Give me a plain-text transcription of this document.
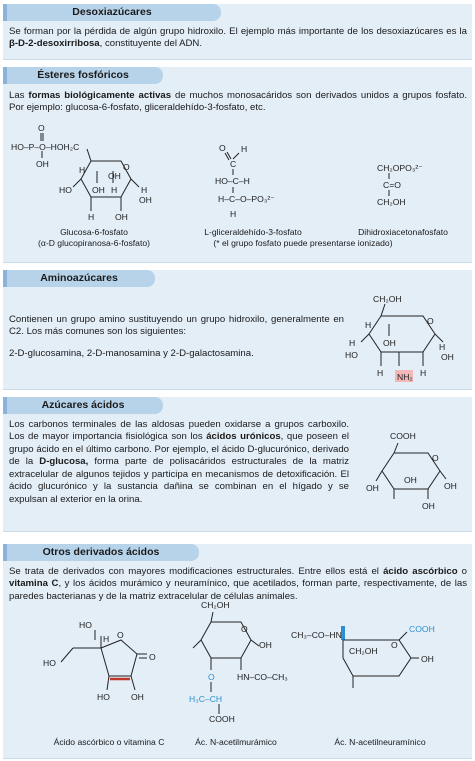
Desoxiazúcares

Se forman por la pérdida de algún grupo hidroxilo. El ejemplo más importante de los desoxiazúcares es la β-D-2-desoxirribosa, constituyente del ADN.

Ésteres fosfóricos

Las formas biológicamente activas de muchos monosacáridos son derivados unidos a grupos fosfato. Por ejemplo: glucosa-6-fosfato, gliceraldehído-3-fosfato, etc.

O
HO–P–O–HOH₂C
OH	O
H
OH H	H
HO
OH
OH
H OH
Glucosa-6-fosfato
(α-D glucopiranosa-6-fosfato)
O H
C
HO–C–H
H–C–O–PO₃²⁻
H
L-gliceraldehído-3-fosfato
CH₂OPO₃²⁻
C=O
CH₂OH
Dihidroxiacetonafosfato
(* el grupo fosfato puede presentarse ionizado)
Aminoazúcares

Contienen un grupo amino sustituyendo un grupo hidroxilo, generalmente en C2. Los más comunes son los siguientes:

2-D-glucosamina, 2-D-manosamina y 2-D-galactosamina.

CH₂OH
O
H
H	H
OH
HO	OH
H	H
NH₂
Azúcares ácidos

Los carbonos terminales de las aldosas pueden oxidarse a grupos carboxilo. Los de mayor importancia fisiológica son los ácidos urónicos, que poseen el grupo ácido en el último carbono. Por ejemplo, el ácido D-glucurónico, derivado de la D-glucosa, forma parte de polisacáridos estructurales de la matriz extracelular de algunos tejidos y participa en mecanismos de detoxificación. El ácido glucurónico y la sustancia dañina se combinan en el hígado y se expulsan al exterior en la orina.

COOH
O
OH
OH	OH
OH
Otros derivados ácidos

Se trata de derivados con mayores modificaciones estructurales. Entre ellos está el ácido ascórbico o vitamina C, y los ácidos murámico y neuramínico, que acetilados, forman parte, respectivamente, de las paredes bacterianas y de la matriz extracelular de células animales.

HO
H
HO
O
O
HO OH
Ácido ascórbico o vitamina C
CH₂OH
O
OH
HN–CO–CH₃
O
H₃C–CH
COOH
Ác. N-acetilmurámico
CH₃–CO–HN
CH₂OH
O
COOH
OH
Ác. N-acetilneuramínico
